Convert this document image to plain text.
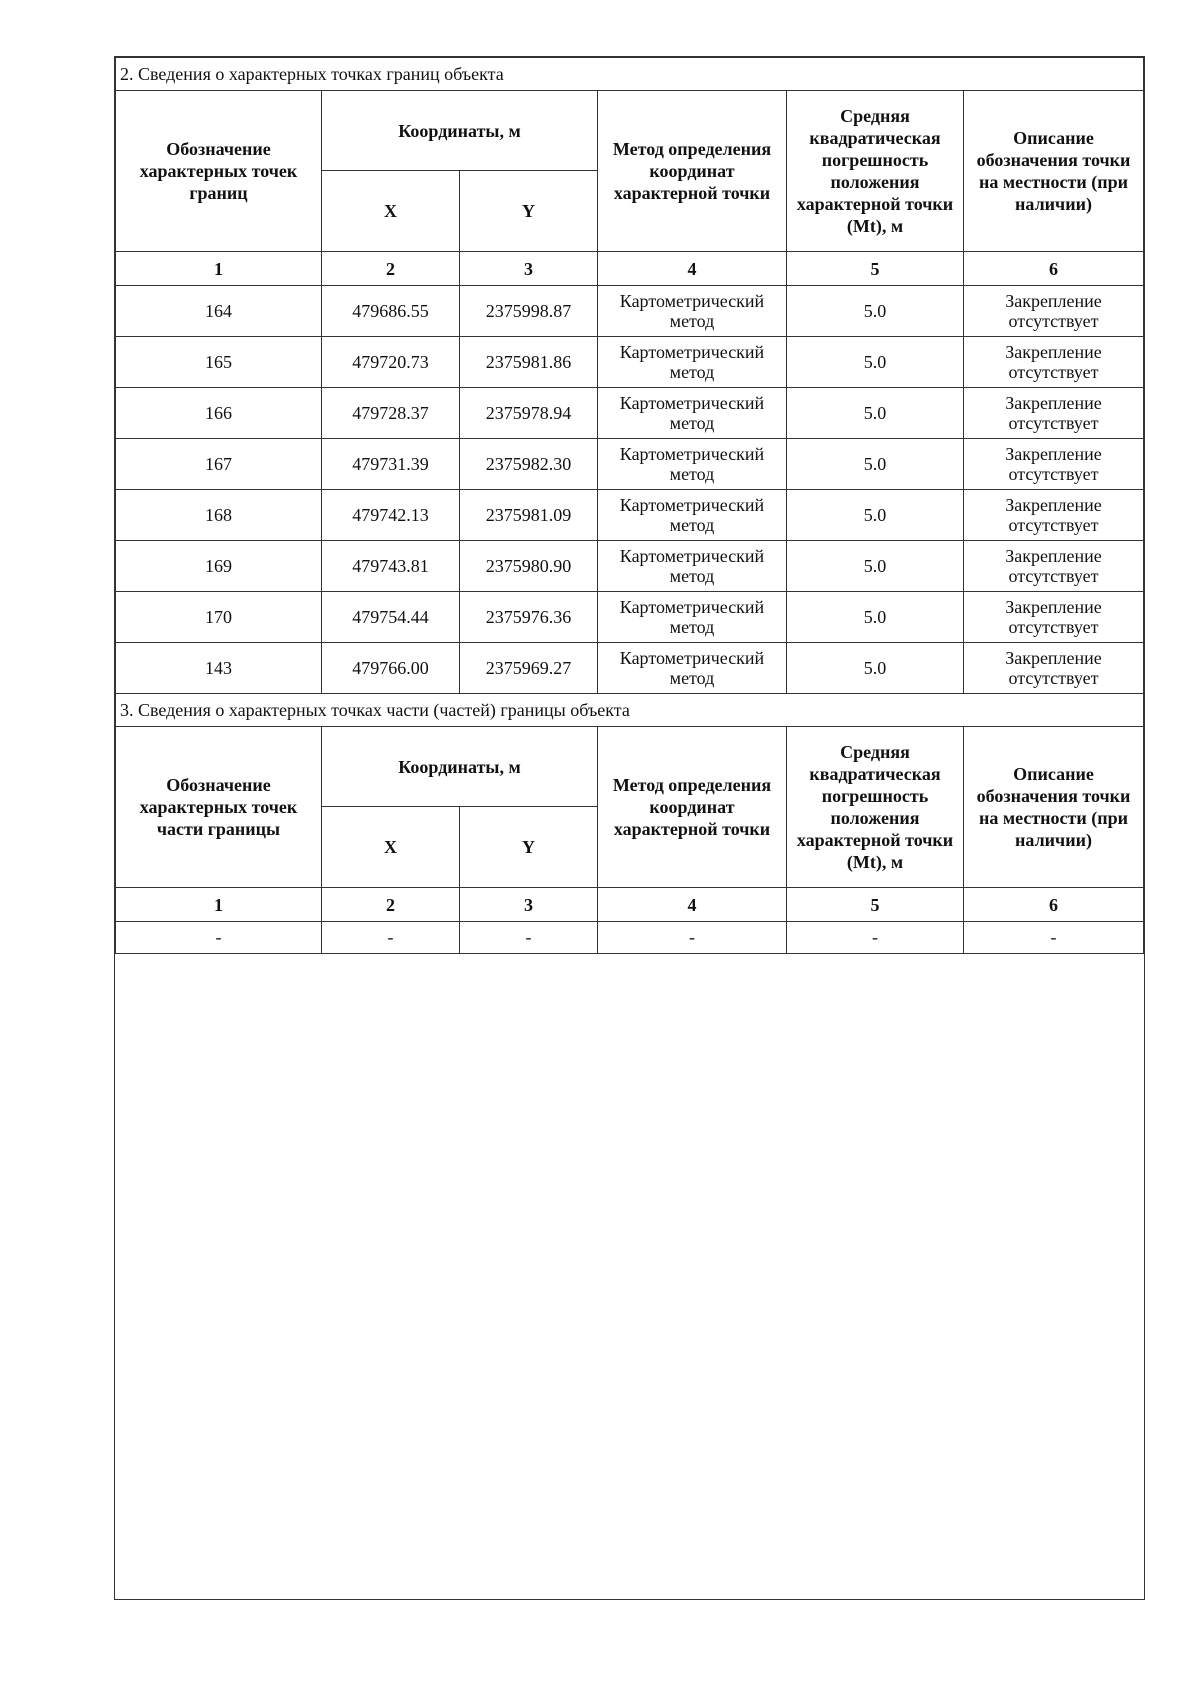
2. Сведения о характерных точках границ объекта					
Обозначение характерных точек границ	Координаты, м		Метод определения координат характерной точки	Средняя квадратическая погрешность положения характерной точки (Mt), м	Описание обозначения точки на местности (при наличии)
	X	Y			
1	2	3	4	5	6
164	479686.55	2375998.87	Картометрический метод	5.0	Закрепление отсутствует
165	479720.73	2375981.86	Картометрический метод	5.0	Закрепление отсутствует
166	479728.37	2375978.94	Картометрический метод	5.0	Закрепление отсутствует
167	479731.39	2375982.30	Картометрический метод	5.0	Закрепление отсутствует
168	479742.13	2375981.09	Картометрический метод	5.0	Закрепление отсутствует
169	479743.81	2375980.90	Картометрический метод	5.0	Закрепление отсутствует
170	479754.44	2375976.36	Картометрический метод	5.0	Закрепление отсутствует
143	479766.00	2375969.27	Картометрический метод	5.0	Закрепление отсутствует
3. Сведения о характерных точках части (частей) границы объекта					
Обозначение характерных точек части границы	Координаты, м		Метод определения координат характерной точки	Средняя квадратическая погрешность положения характерной точки (Mt), м	Описание обозначения точки на местности (при наличии)
	X	Y			
1	2	3	4	5	6
-	-	-	-	-	-
